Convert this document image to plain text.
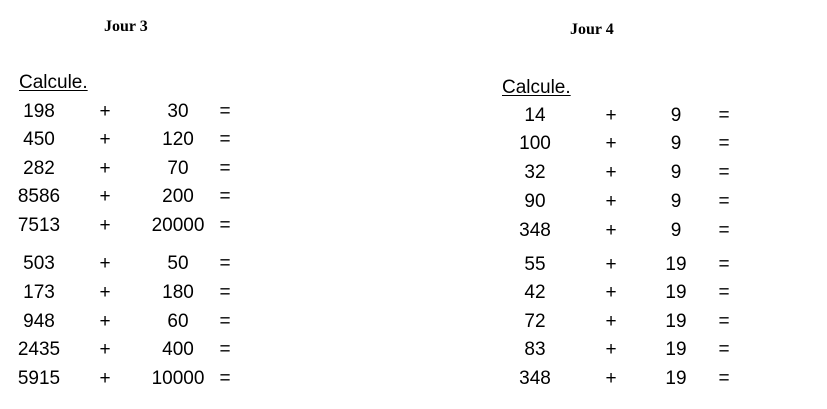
Jour 3
Calcule.
198	+	30	=
450	+	120	=
282	+	70	=
8586	+	200	=
7513	+	20000 =
503	+	50	=
173	+	180	=
948	+	60	=
2435	+	400	=
5915	+	10000 =
Jour 4
Calcule.
14	+	9	=
100	+	9	=
32	+	9	=
90	+	9	=
348	+	9	=
55	+	19	=
42	+	19	=
72	+	19	=
83	+	19	=
348	+	19	=
